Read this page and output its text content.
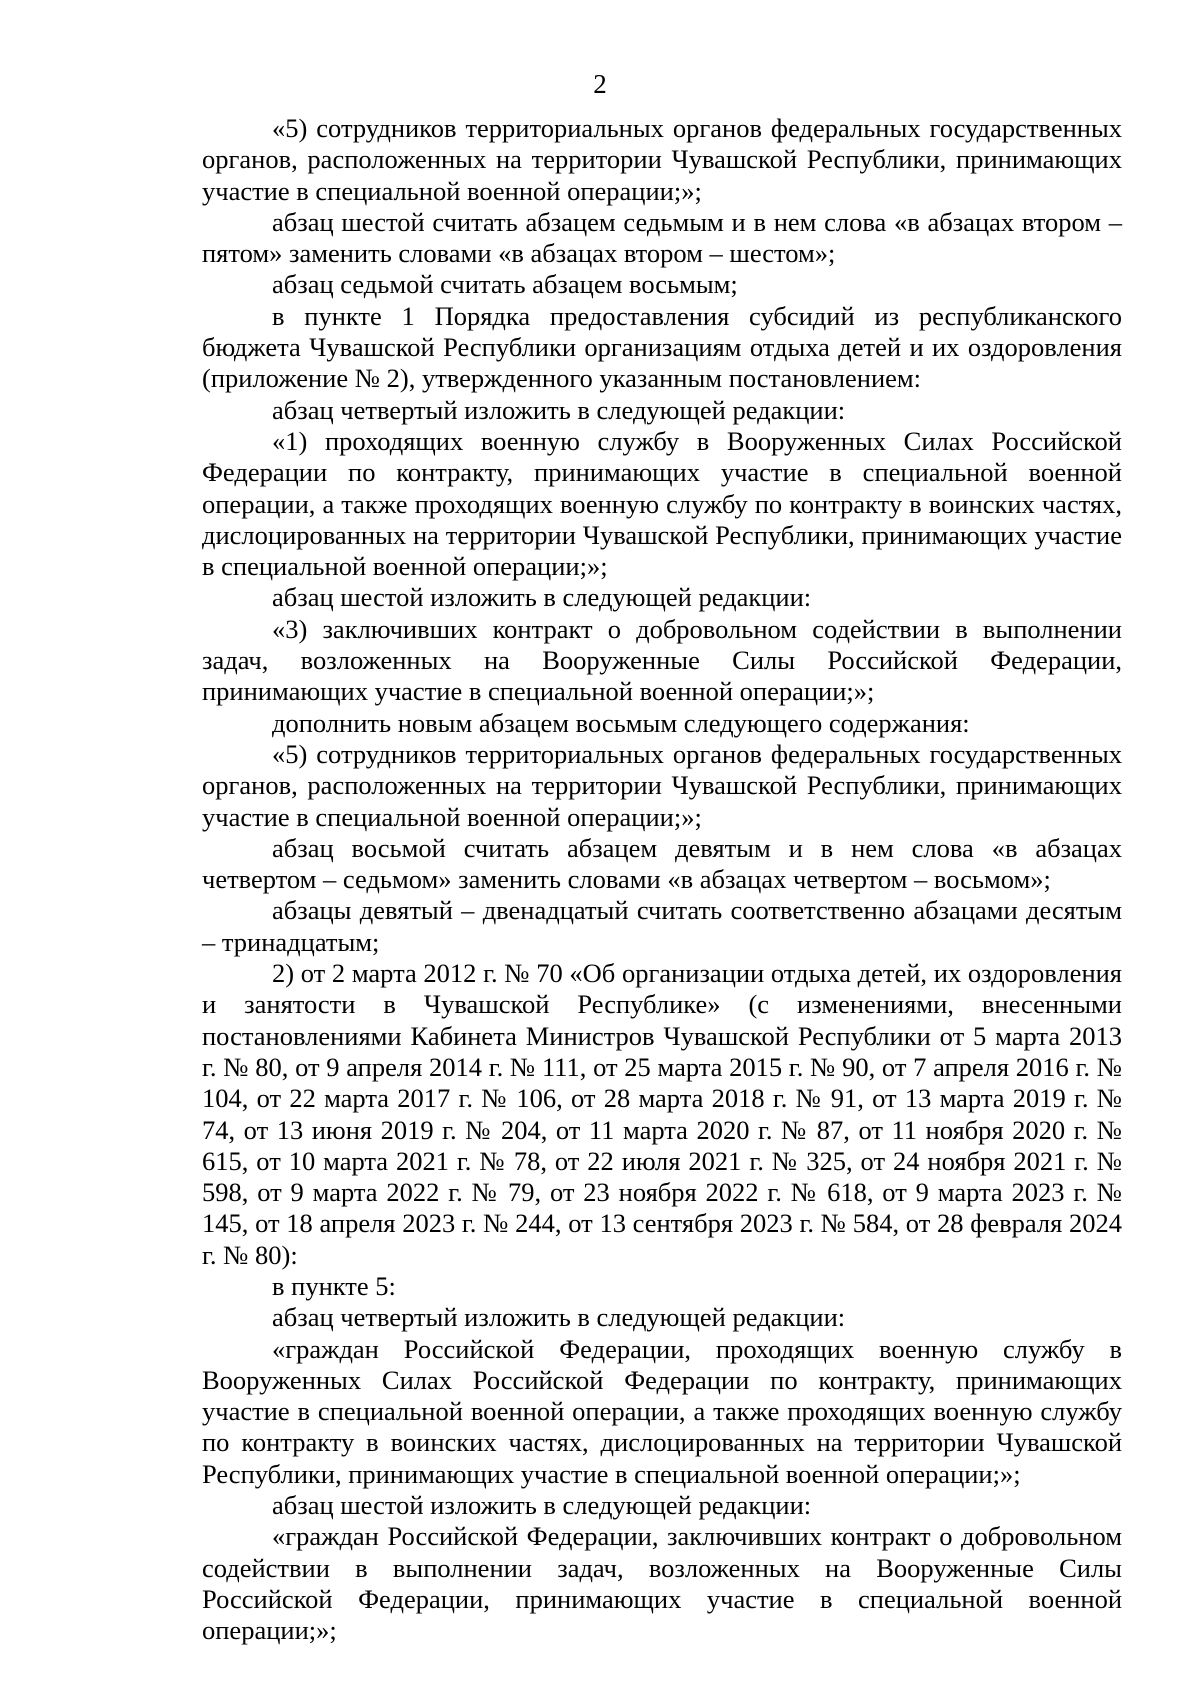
2

«5) сотрудников территориальных органов федеральных государственных органов, расположенных на территории Чувашской Республики, принимающих участие в специальной военной операции;»;

абзац шестой считать абзацем седьмым и в нем слова «в абзацах втором – пятом» заменить словами «в абзацах втором – шестом»;

абзац седьмой считать абзацем восьмым;

в пункте 1 Порядка предоставления субсидий из республиканского бюджета Чувашской Республики организациям отдыха детей и их оздоровления (приложение № 2), утвержденного указанным постановлением:

абзац четвертый изложить в следующей редакции:

«1) проходящих военную службу в Вооруженных Силах Российской Федерации по контракту, принимающих участие в специальной военной операции, а также проходящих военную службу по контракту в воинских частях, дислоцированных на территории Чувашской Республики, принимающих участие в специальной военной операции;»;

абзац шестой изложить в следующей редакции:

«3) заключивших контракт о добровольном содействии в выполнении задач, возложенных на Вооруженные Силы Российской Федерации, принимающих участие в специальной военной операции;»;

дополнить новым абзацем восьмым следующего содержания:

«5) сотрудников территориальных органов федеральных государственных органов, расположенных на территории Чувашской Республики, принимающих участие в специальной военной операции;»;

абзац восьмой считать абзацем девятым и в нем слова «в абзацах четвертом – седьмом» заменить словами «в абзацах четвертом – восьмом»;

абзацы девятый – двенадцатый считать соответственно абзацами десятым – тринадцатым;

2) от 2 марта 2012 г. № 70 «Об организации отдыха детей, их оздоровления и занятости в Чувашской Республике» (с изменениями, внесенными постановлениями Кабинета Министров Чувашской Республики от 5 марта 2013 г. № 80, от 9 апреля 2014 г. № 111, от 25 марта 2015 г. № 90, от 7 апреля 2016 г. № 104, от 22 марта 2017 г. № 106, от 28 марта 2018 г. № 91, от 13 марта 2019 г. № 74, от 13 июня 2019 г. № 204, от 11 марта 2020 г. № 87, от 11 ноября 2020 г. № 615, от 10 марта 2021 г. № 78, от 22 июля 2021 г. № 325, от 24 ноября 2021 г. № 598, от 9 марта 2022 г. № 79, от 23 ноября 2022 г. № 618, от 9 марта 2023 г. № 145, от 18 апреля 2023 г. № 244, от 13 сентября 2023 г. № 584, от 28 февраля 2024 г. № 80):

в пункте 5:

абзац четвертый изложить в следующей редакции:

«граждан Российской Федерации, проходящих военную службу в Вооруженных Силах Российской Федерации по контракту, принимающих участие в специальной военной операции, а также проходящих военную службу по контракту в воинских частях, дислоцированных на территории Чувашской Республики, принимающих участие в специальной военной операции;»;

абзац шестой изложить в следующей редакции:

«граждан Российской Федерации, заключивших контракт о добровольном содействии в выполнении задач, возложенных на Вооруженные Силы Российской Федерации, принимающих участие в специальной военной операции;»;
